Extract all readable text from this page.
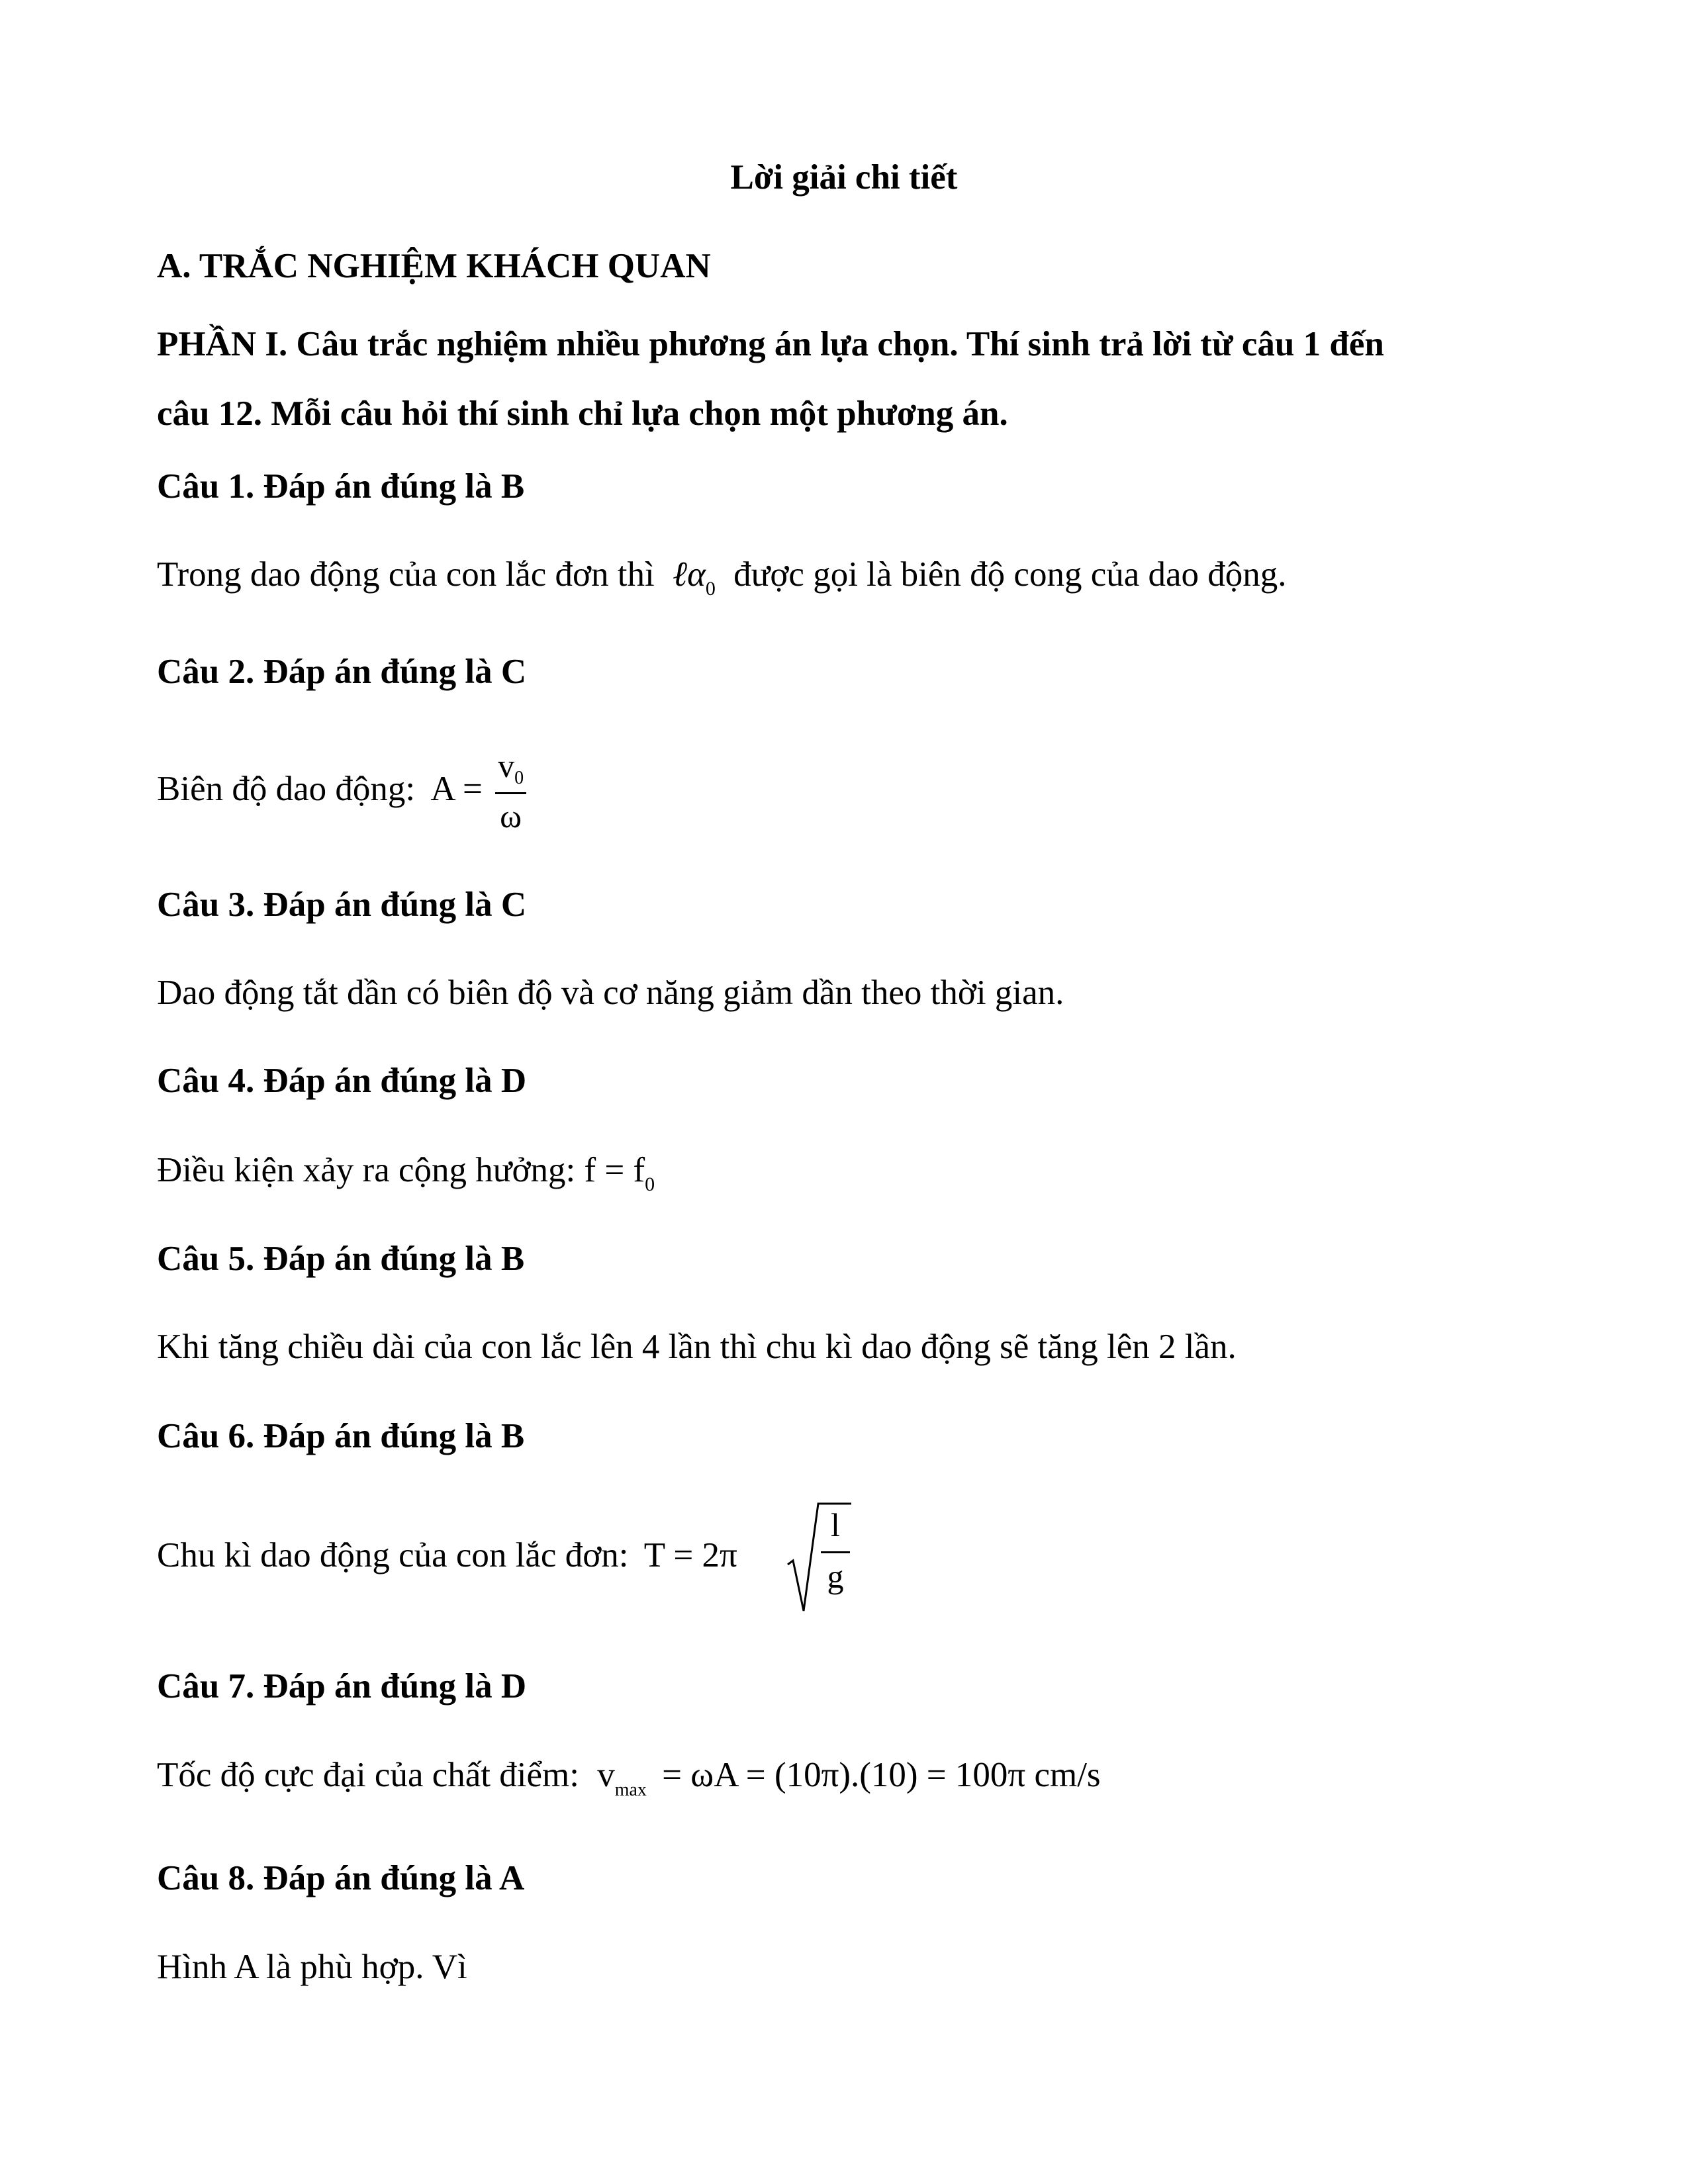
Lời giải chi tiết
A. TRẮC NGHIỆM KHÁCH QUAN
PHẦN I. Câu trắc nghiệm nhiều phương án lựa chọn. Thí sinh trả lời từ câu 1 đến
câu 12. Mỗi câu hỏi thí sinh chỉ lựa chọn một phương án.
Câu 1. Đáp án đúng là B
Trong dao động của con lắc đơn thì ℓα$_0$ được gọi là biên độ cong của dao động.
Câu 2. Đáp án đúng là C
Biên độ dao động: $A = \frac{v_0}{\omega}$
Câu 3. Đáp án đúng là C
Dao động tắt dần có biên độ và cơ năng giảm dần theo thời gian.
Câu 4. Đáp án đúng là D
Điều kiện xảy ra cộng hưởng: $f = f_0$
Câu 5. Đáp án đúng là B
Khi tăng chiều dài của con lắc lên 4 lần thì chu kì dao động sẽ tăng lên 2 lần.
Câu 6. Đáp án đúng là B
Chu kì dao động của con lắc đơn: T = 2π
l
g
Câu 7. Đáp án đúng là D
Tốc độ cực đại của chất điểm: $v_{max} = \omega A = (10\pi).(10) = 100\pi$ cm/s
Câu 8. Đáp án đúng là A
Hình A là phù hợp. Vì
